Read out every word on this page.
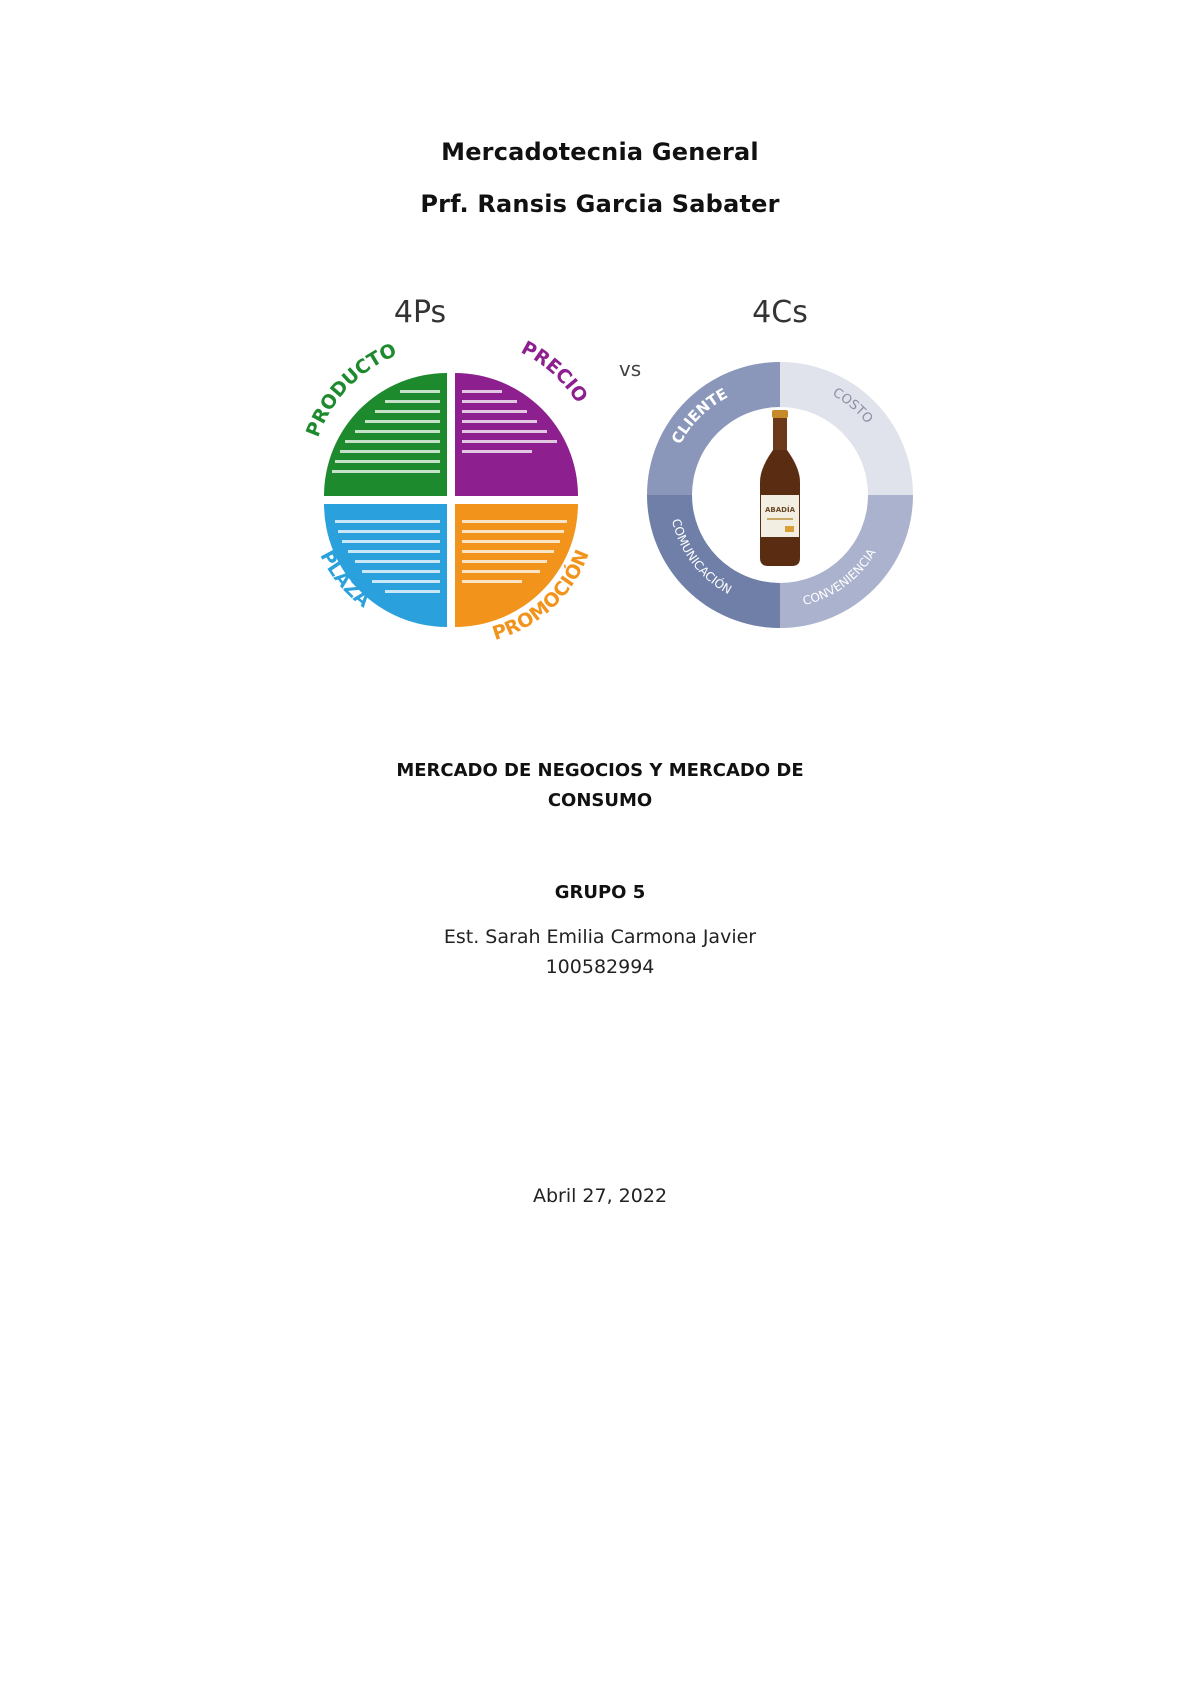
Mercadotecnia General
Prf. Ransis Garcia Sabater
4Ps	4Cs
vs
PRODUCTO	PRECIO
PLAZA
PROMOCIÓN
CLIENTE	COSTO
CONVENIENCIA
COMUNICACIÓN
ABADÍA
MERCADO DE NEGOCIOS Y MERCADO DE
CONSUMO
GRUPO 5
Est. Sarah Emilia Carmona Javier
100582994
Abril 27, 2022
